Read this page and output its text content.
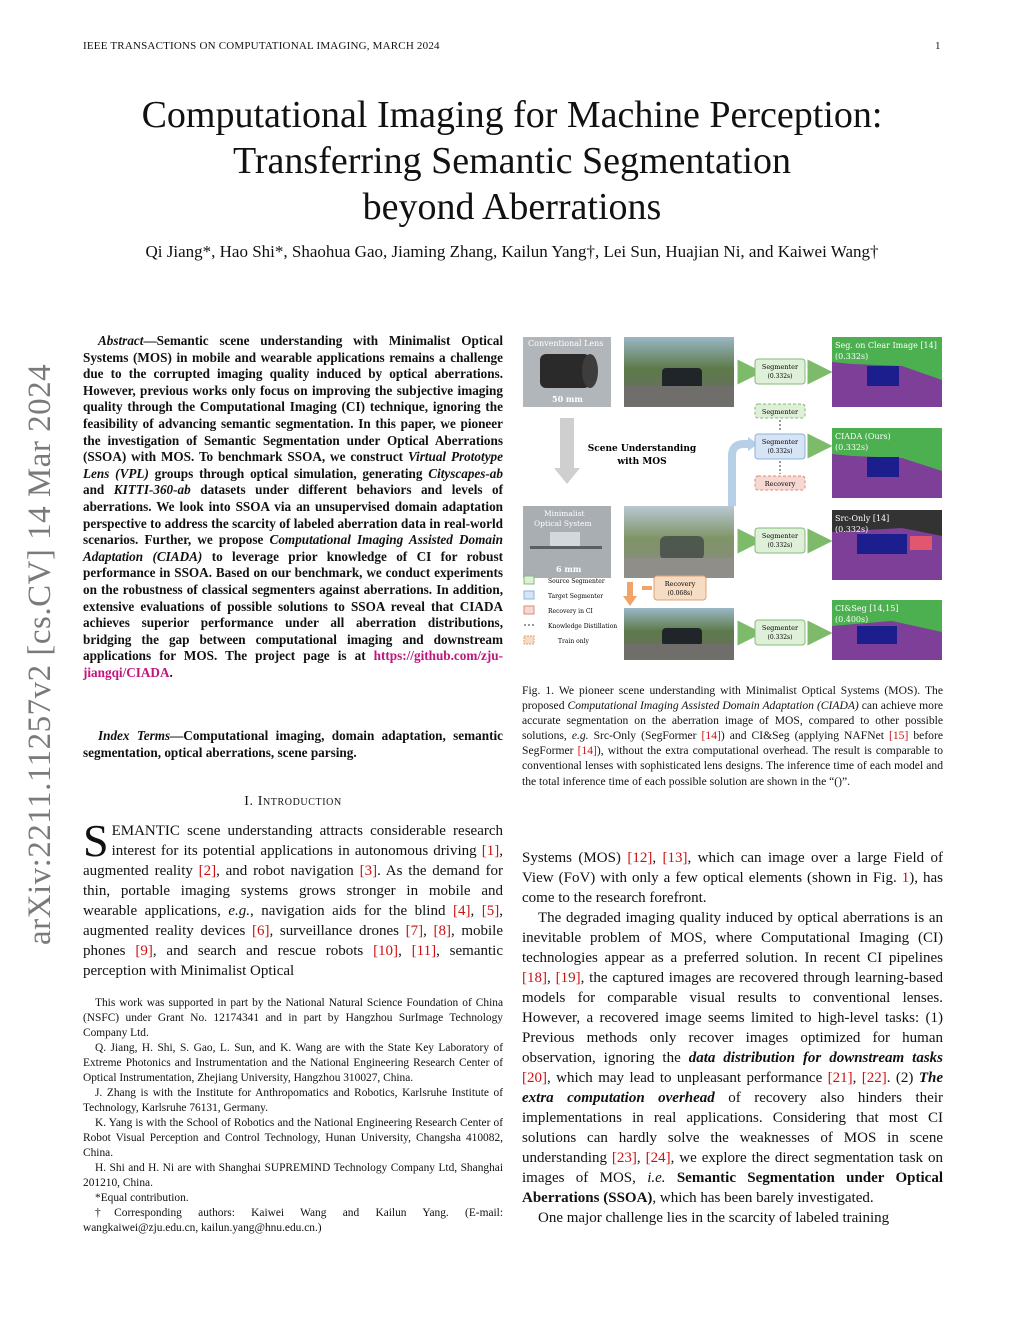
IEEE TRANSACTIONS ON COMPUTATIONAL IMAGING, MARCH 2024	1
Computational Imaging for Machine Perception:
Transferring Semantic Segmentation
beyond Aberrations
Qi Jiang*, Hao Shi*, Shaohua Gao, Jiaming Zhang, Kailun Yang†, Lei Sun, Huajian Ni, and Kaiwei Wang†
arXiv:2211.11257v2 [cs.CV] 14 Mar 2024
Abstract—Semantic scene understanding with Minimalist Optical Systems (MOS) in mobile and wearable applications remains a challenge due to the corrupted imaging quality induced by optical aberrations. However, previous works only focus on improving the subjective imaging quality through the Computational Imaging (CI) technique, ignoring the feasibility of advancing semantic segmentation. In this paper, we pioneer the investigation of Semantic Segmentation under Optical Aberrations (SSOA) with MOS. To benchmark SSOA, we construct Virtual Prototype Lens (VPL) groups through optical simulation, generating Cityscapes-ab and KITTI-360-ab datasets under different behaviors and levels of aberrations. We look into SSOA via an unsupervised domain adaptation perspective to address the scarcity of labeled aberration data in real-world scenarios. Further, we propose Computational Imaging Assisted Domain Adaptation (CIADA) to leverage prior knowledge of CI for robust performance in SSOA. Based on our benchmark, we conduct experiments on the robustness of classical segmenters against aberrations. In addition, extensive evaluations of possible solutions to SSOA reveal that CIADA achieves superior performance under all aberration distributions, bridging the gap between computational imaging and downstream applications for MOS. The project page is at https://github.com/zju-jiangqi/CIADA.
Index Terms—Computational imaging, domain adaptation, semantic segmentation, optical aberrations, scene parsing.
I. Introduction
SEMANTIC scene understanding attracts considerable research interest for its potential applications in autonomous driving [1], augmented reality [2], and robot navigation [3]. As the demand for thin, portable imaging systems grows stronger in mobile and wearable applications, e.g., navigation aids for the blind [4], [5], augmented reality devices [6], surveillance drones [7], [8], mobile phones [9], and search and rescue robots [10], [11], semantic perception with Minimalist Optical

This work was supported in part by the National Natural Science Foundation of China (NSFC) under Grant No. 12174341 and in part by Hangzhou SurImage Technology Company Ltd.

Q. Jiang, H. Shi, S. Gao, L. Sun, and K. Wang are with the State Key Laboratory of Extreme Photonics and Instrumentation and the National Engineering Research Center of Optical Instrumentation, Zhejiang University, Hangzhou 310027, China.

J. Zhang is with the Institute for Anthropomatics and Robotics, Karlsruhe Institute of Technology, Karlsruhe 76131, Germany.

K. Yang is with the School of Robotics and the National Engineering Research Center of Robot Visual Perception and Control Technology, Hunan University, Changsha 410082, China.

H. Shi and H. Ni are with Shanghai SUPREMIND Technology Company Ltd, Shanghai 201210, China.

*Equal contribution.

†Corresponding authors: Kaiwei Wang and Kailun Yang. (E-mail: wangkaiwei@zju.edu.cn, kailun.yang@hnu.edu.cn.)

Conventional Lens
50 mm
Segmenter
(0.332s)
Seg. on Clear Image [14]
(0.332s)
Scene Understanding
with MOS
Segmenter
Segmenter
(0.332s)
Recovery
CIADA (Ours)
(0.332s)
Minimalist
Optical System
6 mm
Segmenter
(0.332s)
Src-Only [14]
(0.332s)
Source Segmenter
Target Segmenter
Recovery in CI
Knowledge Distillation
Train only
Recovery
(0.068s)
Segmenter
(0.332s)
CI&Seg [14,15]
(0.400s)
Fig. 1. We pioneer scene understanding with Minimalist Optical Systems (MOS). The proposed Computational Imaging Assisted Domain Adaptation (CIADA) can achieve more accurate segmentation on the aberration image of MOS, compared to other possible solutions, e.g. Src-Only (SegFormer [14]) and CI&Seg (applying NAFNet [15] before SegFormer [14]), without the extra computational overhead. The result is comparable to conventional lenses with sophisticated lens designs. The inference time of each model and the total inference time of each possible solution are shown in the “()”.

Systems (MOS) [12], [13], which can image over a large Field of View (FoV) with only a few optical elements (shown in Fig. 1), has come to the research forefront.

The degraded imaging quality induced by optical aberrations is an inevitable problem of MOS, where Computational Imaging (CI) technologies appear as a preferred solution. In recent CI pipelines [18], [19], the captured images are recovered through learning-based models for comparable visual results to conventional lenses. However, a recovered image seems limited to high-level tasks: (1) Previous methods only recover images optimized for human observation, ignoring the data distribution for downstream tasks [20], which may lead to unpleasant performance [21], [22]. (2) The extra computation overhead of recovery also hinders their implementations in real applications. Considering that most CI solutions can hardly solve the weaknesses of MOS in scene understanding [23], [24], we explore the direct segmentation task on images of MOS, i.e. Semantic Segmentation under Optical Aberrations (SSOA), which has been barely investigated.

One major challenge lies in the scarcity of labeled training
